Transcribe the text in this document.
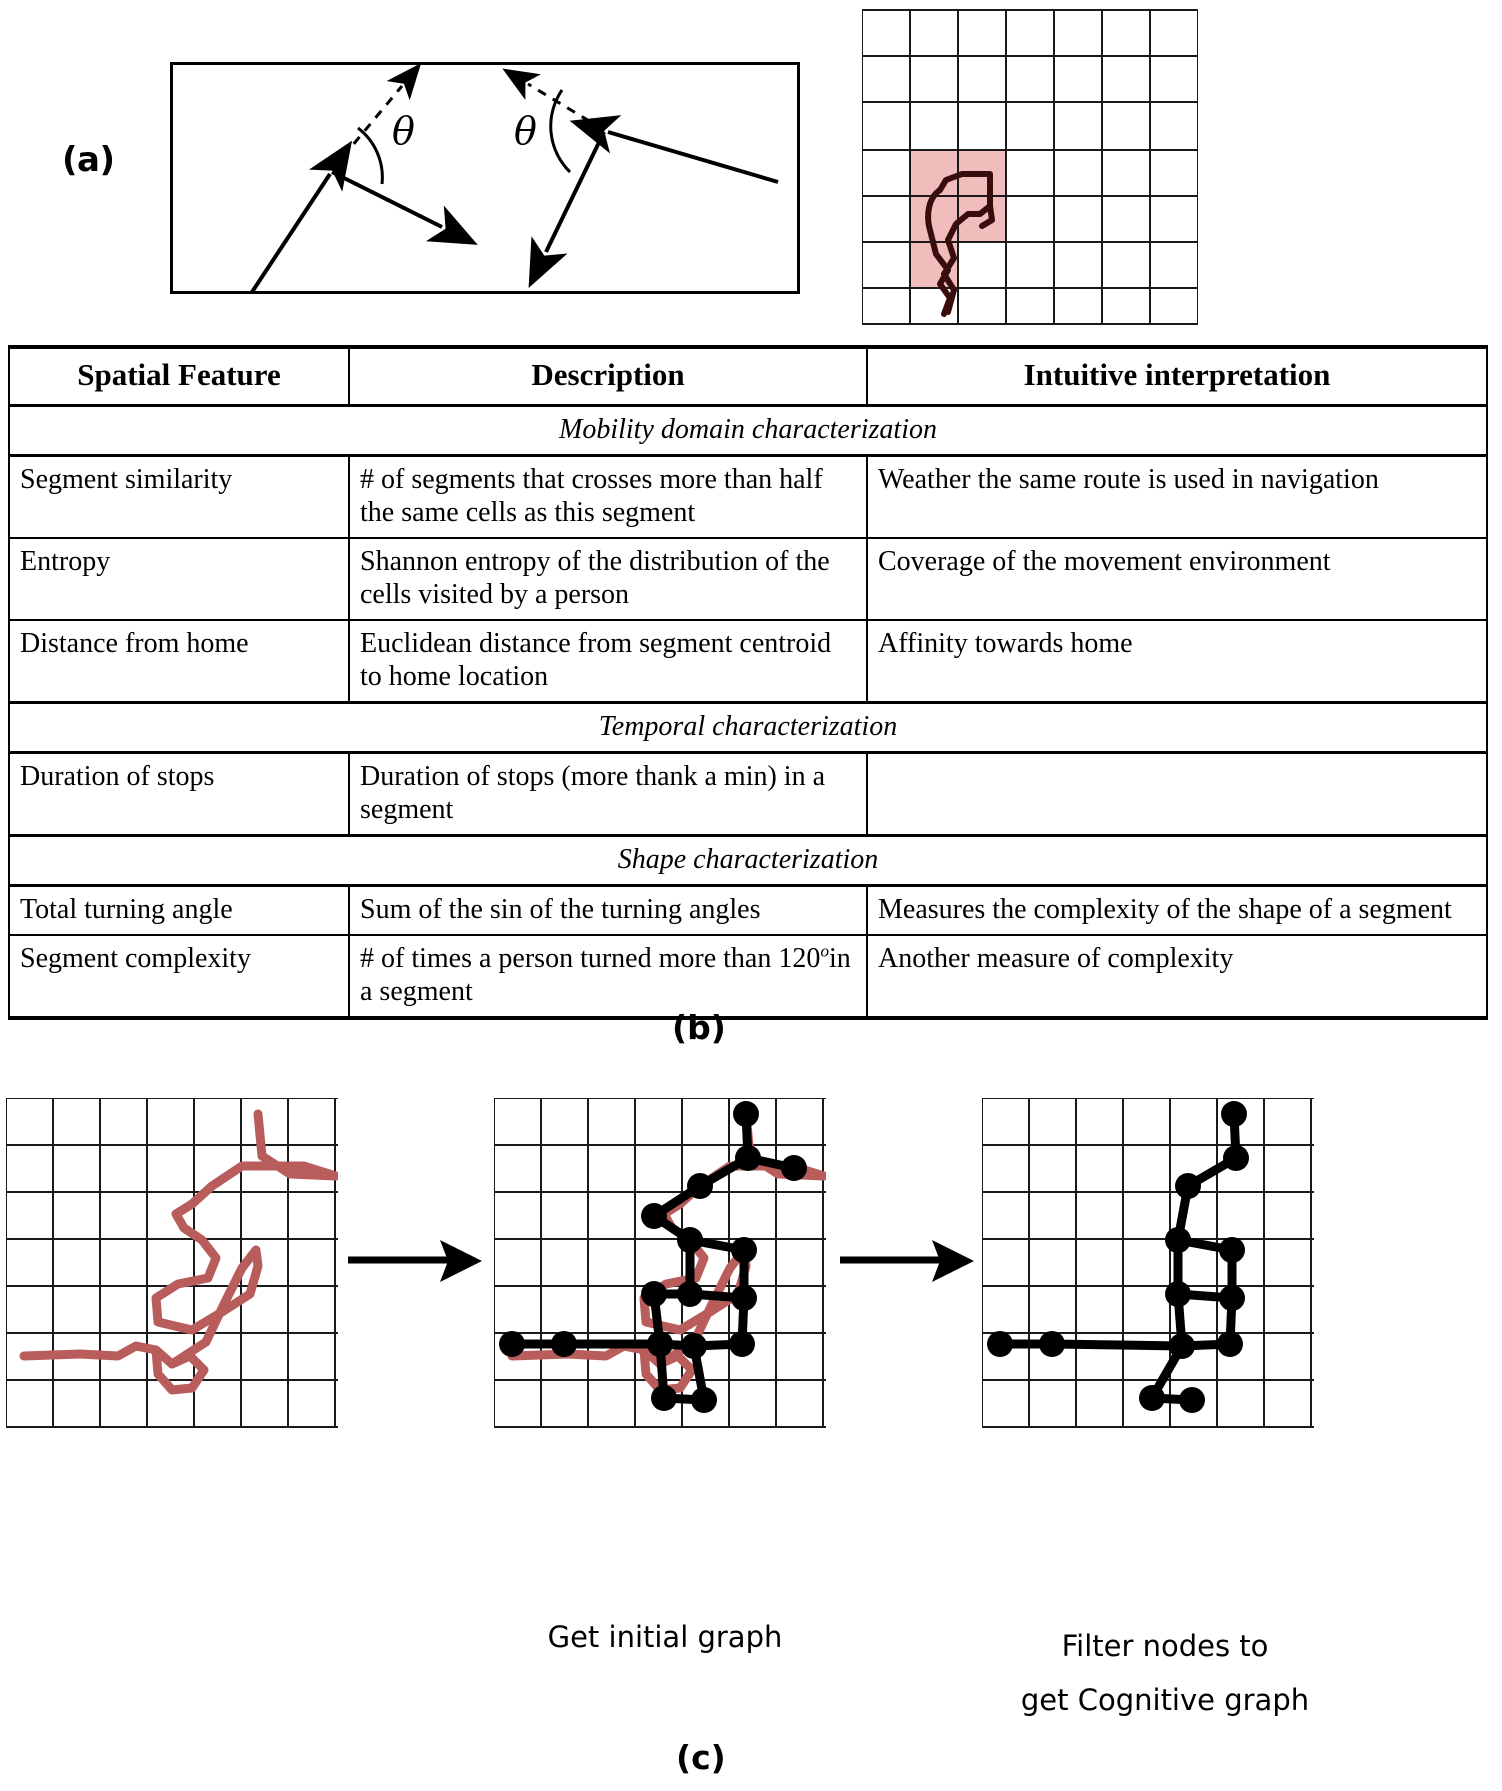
(a)
θ	θ
Spatial Feature	Description	Intuitive interpretation
Mobility domain characterization		
Segment similarity	# of segments that crosses more than half the same cells as this segment	Weather the same route is used in navigation
Entropy	Shannon entropy of the distribution of the cells visited by a person	Coverage of the movement environment
Distance from home	Euclidean distance from segment centroid to home location	Affinity towards home
Temporal characterization		
Duration of stops	Duration of stops (more thank a min) in a segment	
Shape characterization		
Total turning angle	Sum of the sin of the turning angles	Measures the complexity of the shape of a segment
Segment complexity	# of times a person turned more than 120$^o$in a segment	Another measure of complexity
(b)
Get initial graph	Filter nodes to
get Cognitive graph
(c)
